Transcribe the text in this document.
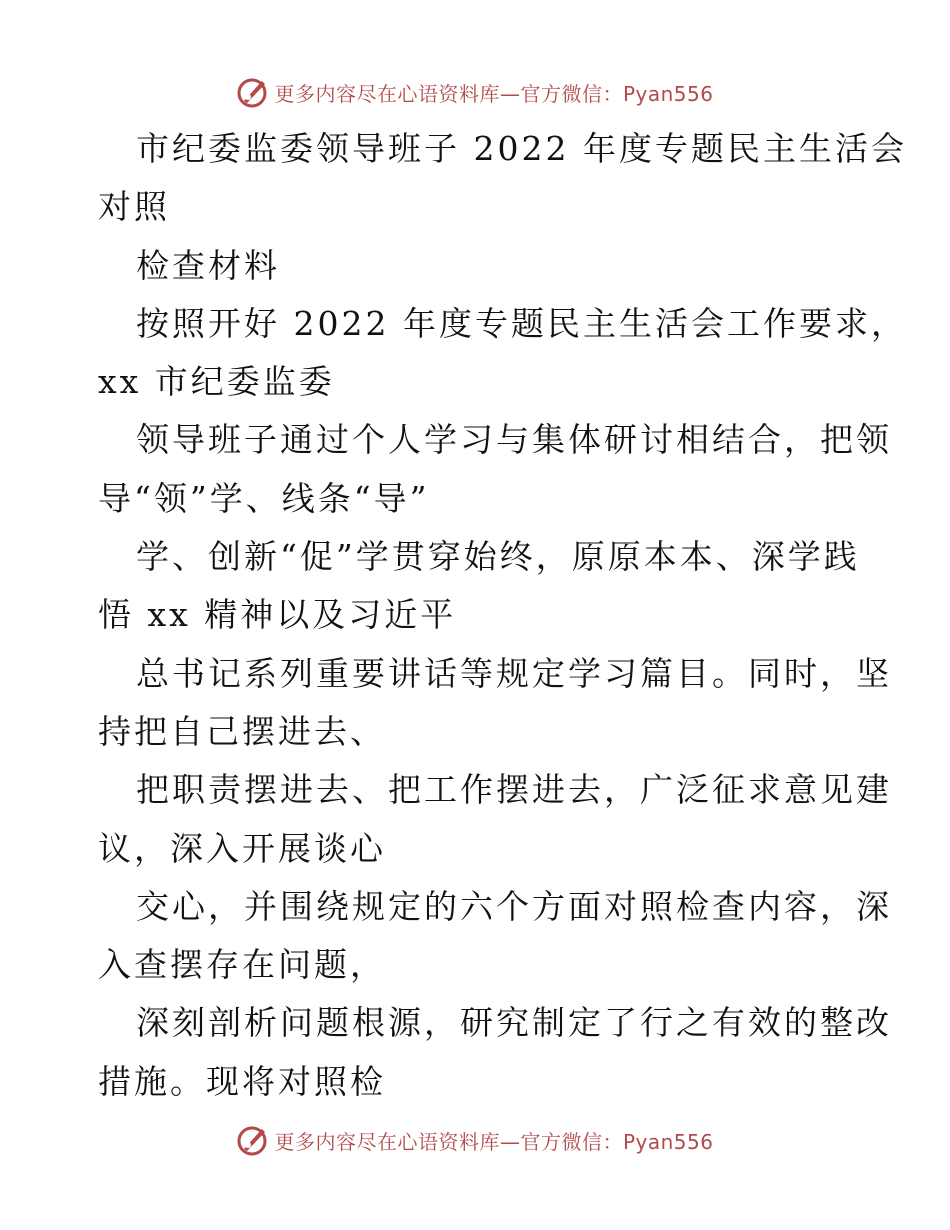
更多内容尽在心语资料库—官方微信：Pyan556
市纪委监委领导班子 2022 年度专题民主生活会
对照
检查材料
按照开好 2022 年度专题民主生活会工作要求，
xx 市纪委监委
领导班子通过个人学习与集体研讨相结合，把领
导“领”学、线条“导”
学、创新“促”学贯穿始终，原原本本、深学践
悟 xx 精神以及习近平
总书记系列重要讲话等规定学习篇目。同时，坚
持把自己摆进去、
把职责摆进去、把工作摆进去，广泛征求意见建
议，深入开展谈心
交心，并围绕规定的六个方面对照检查内容，深
入查摆存在问题，
深刻剖析问题根源，研究制定了行之有效的整改
措施。现将对照检
更多内容尽在心语资料库—官方微信：Pyan556
